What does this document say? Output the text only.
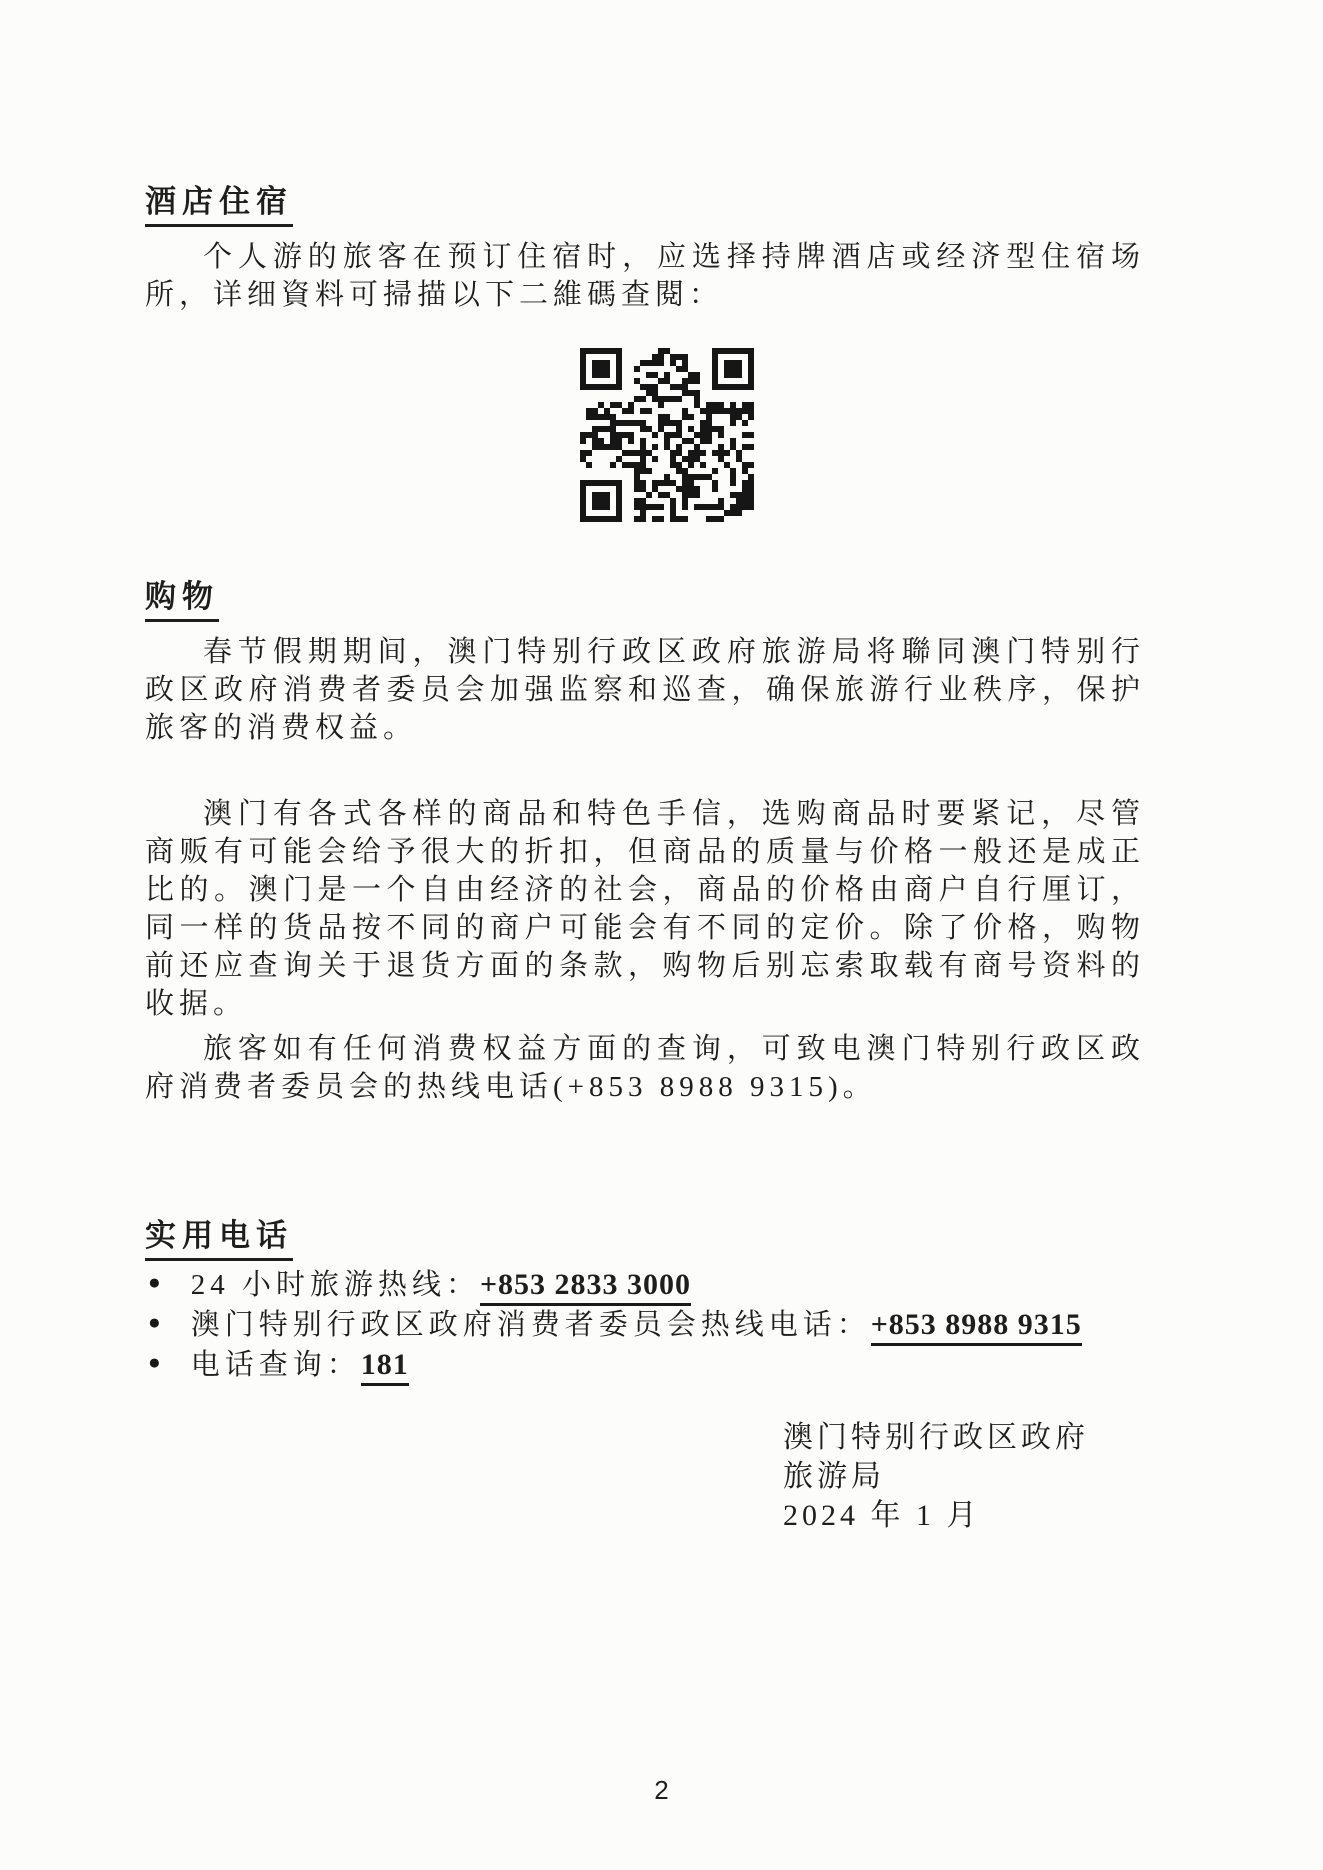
酒店住宿

个人游的旅客在预订住宿时，应选择持牌酒店或经济型住宿场所，详细資料可掃描以下二維碼查閱：

购物

春节假期期间，澳门特别行政区政府旅游局将聯同澳门特别行政区政府消费者委员会加强监察和巡查，确保旅游行业秩序，保护旅客的消费权益。

澳门有各式各样的商品和特色手信，选购商品时要紧记，尽管商贩有可能会给予很大的折扣，但商品的质量与价格一般还是成正比的。澳门是一个自由经济的社会，商品的价格由商户自行厘订，同一样的货品按不同的商户可能会有不同的定价。除了价格，购物前还应查询关于退货方面的条款，购物后别忘索取载有商号资料的收据。

旅客如有任何消费权益方面的查询，可致电澳门特别行政区政府消费者委员会的热线电话(+853 8988 9315)。

实用电话
● 24 小时旅游热线： +853 2833 3000
● 澳门特别行政区政府消费者委员会热线电话： +853 8988 9315
● 电话查询： 181
澳门特别行政区政府
旅游局
2024 年 1 月
2
